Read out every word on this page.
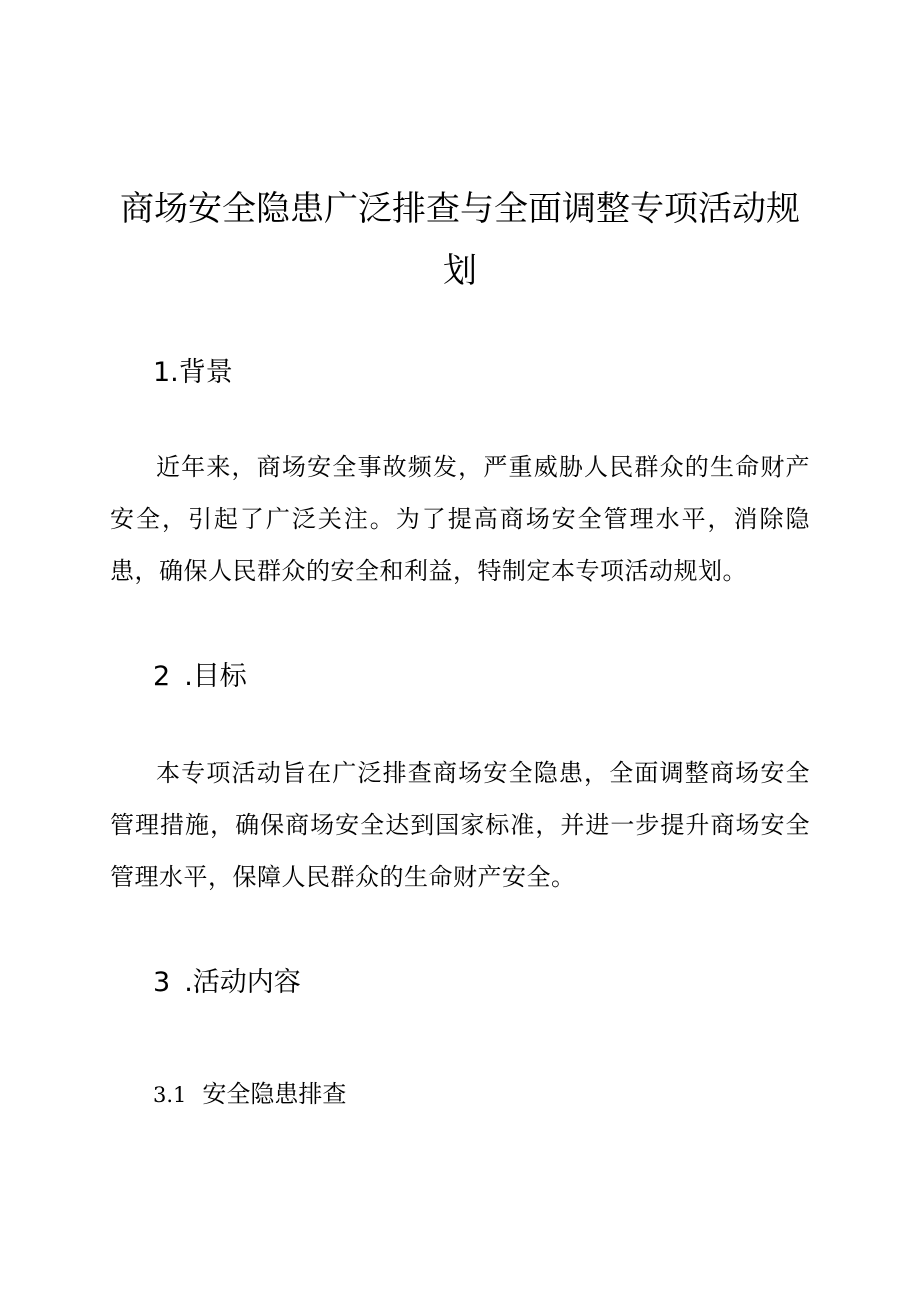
商场安全隐患广泛排查与全面调整专项活动规划
1.背景
近年来，商场安全事故频发，严重威胁人民群众的生命财产安全，引起了广泛关注。为了提高商场安全管理水平，消除隐患，确保人民群众的安全和利益，特制定本专项活动规划。
2 .目标
本专项活动旨在广泛排查商场安全隐患，全面调整商场安全管理措施，确保商场安全达到国家标准，并进一步提升商场安全管理水平，保障人民群众的生命财产安全。
3 .活动内容
3.1 安全隐患排查
